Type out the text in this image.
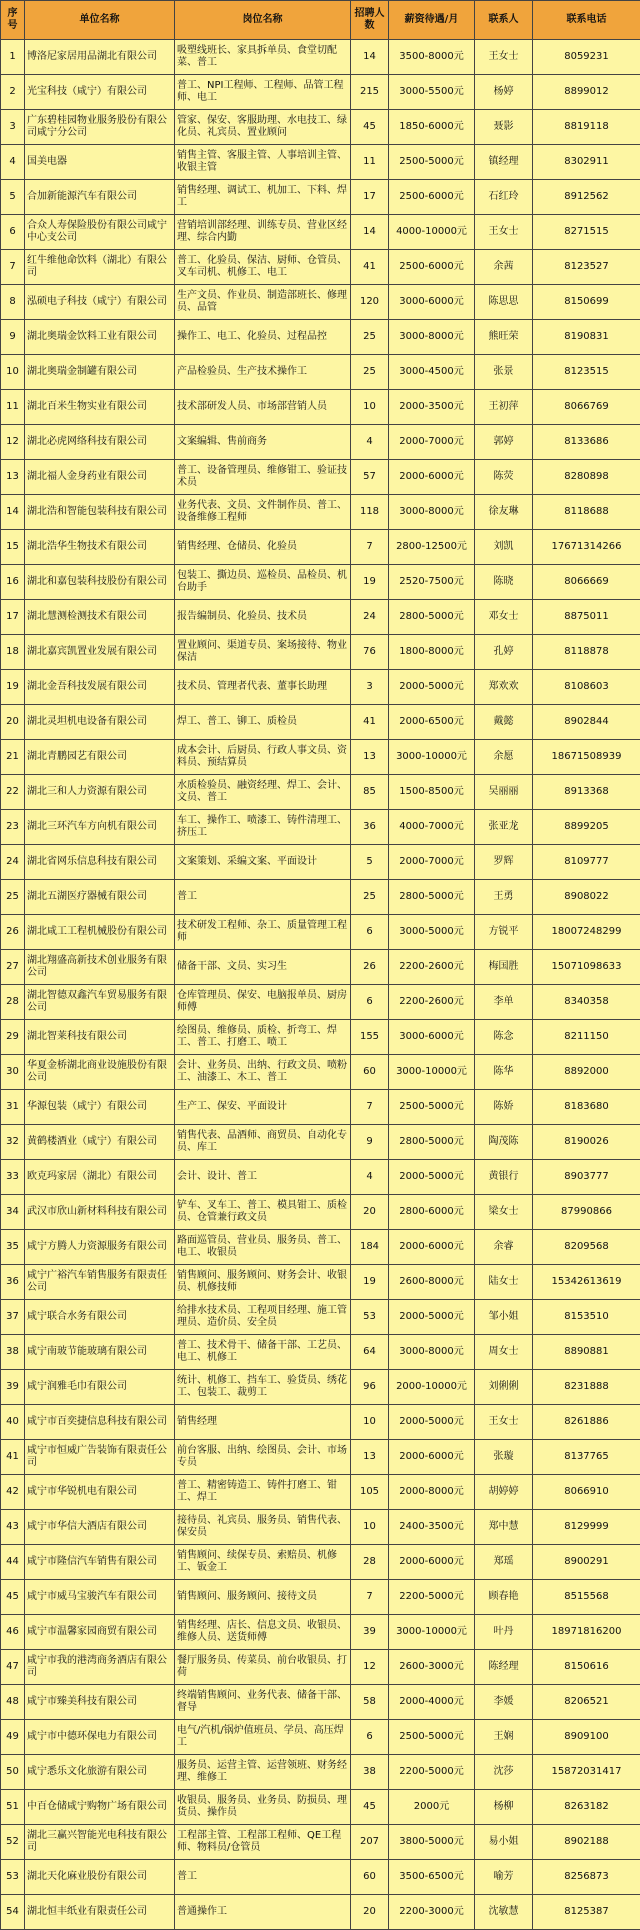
序号	单位名称	岗位名称	招聘人数	薪资待遇/月	联系人	联系电话
1	博洛尼家居用品湖北有限公司	吸塑线班长、家具拆单员、食堂切配菜、普工	14	3500-8000元	王女士	8059231
2	光宝科技（咸宁）有限公司	普工、NPI工程师、工程师、品管工程师、电工	215	3000-5500元	杨婷	8899012
3	广东碧桂园物业服务股份有限公司咸宁分公司	管家、保安、客服助理、水电技工、绿化员、礼宾员、置业顾问	45	1850-6000元	聂影	8819118
4	国美电器	销售主管、客服主管、人事培训主管、收银主管	11	2500-5000元	镇经理	8302911
5	合加新能源汽车有限公司	销售经理、调试工、机加工、下料、焊工	17	2500-6000元	石红玲	8912562
6	合众人寿保险股份有限公司咸宁中心支公司	营销培训部经理、训练专员、营业区经理、综合内勤	14	4000-10000元	王女士	8271515
7	红牛维他命饮料（湖北）有限公司	普工、化验员、保洁、厨师、仓管员、叉车司机、机修工、电工	41	2500-6000元	余茜	8123527
8	泓硕电子科技（咸宁）有限公司	生产文员、作业员、制造部班长、修理员、品管	120	3000-6000元	陈思思	8150699
9	湖北奥瑞金饮料工业有限公司	操作工、电工、化验员、过程品控	25	3000-8000元	熊旺荣	8190831
10	湖北奥瑞金制罐有限公司	产品检验员、生产技术操作工	25	3000-4500元	张景	8123515
11	湖北百米生物实业有限公司	技术部研发人员、市场部营销人员	10	2000-3500元	王初萍	8066769
12	湖北必虎网络科技有限公司	文案编辑、售前商务	4	2000-7000元	郭婷	8133686
13	湖北福人金身药业有限公司	普工、设备管理员、维修钳工、验证技术员	57	2000-6000元	陈荧	8280898
14	湖北浩和智能包装科技有限公司	业务代表、文员、文件制作员、普工、设备维修工程师	118	3000-8000元	徐友琳	8118688
15	湖北浩华生物技术有限公司	销售经理、仓储员、化验员	7	2800-12500元	刘凯	17671314266
16	湖北和嘉包装科技股份有限公司	包装工、撕边员、巡检员、品检员、机台助手	19	2520-7500元	陈晓	8066669
17	湖北慧测检测技术有限公司	报告编制员、化验员、技术员	24	2800-5000元	邓女士	8875011
18	湖北嘉宾凯置业发展有限公司	置业顾问、渠道专员、案场接待、物业保洁	76	1800-8000元	孔婷	8118878
19	湖北金吾科技发展有限公司	技术员、管理者代表、董事长助理	3	2000-5000元	郑欢欢	8108603
20	湖北灵坦机电设备有限公司	焊工、普工、铆工、质检员	41	2000-6500元	戴懿	8902844
21	湖北青鹏园艺有限公司	成本会计、后厨员、行政人事文员、资料员、预结算员	13	3000-10000元	余愿	18671508939
22	湖北三和人力资源有限公司	水质检验员、融资经理、焊工、会计、文员、普工	85	1500-8500元	吴丽丽	8913368
23	湖北三环汽车方向机有限公司	车工、操作工、喷漆工、铸件清理工、挤压工	36	4000-7000元	张亚龙	8899205
24	湖北省网乐信息科技有限公司	文案策划、采编文案、平面设计	5	2000-7000元	罗辉	8109777
25	湖北五湖医疗器械有限公司	普工	25	2800-5000元	王勇	8908022
26	湖北咸工工程机械股份有限公司	技术研发工程师、杂工、质量管理工程师	6	3000-5000元	方锐平	18007248299
27	湖北翔盛高新技术创业服务有限公司	储备干部、文员、实习生	26	2200-2600元	梅国胜	15071098633
28	湖北智德双鑫汽车贸易服务有限公司	仓库管理员、保安、电脑报单员、厨房师傅	6	2200-2600元	李单	8340358
29	湖北智莱科技有限公司	绘图员、维修员、质检、折弯工、焊工、普工、打磨工、喷工	155	3000-6000元	陈念	8211150
30	华夏金桥湖北商业设施股份有限公司	会计、业务员、出纳、行政文员、喷粉工、油漆工、木工、普工	60	3000-10000元	陈华	8892000
31	华源包装（咸宁）有限公司	生产工、保安、平面设计	7	2500-5000元	陈娇	8183680
32	黄鹤楼酒业（咸宁）有限公司	销售代表、品酒师、商贸员、自动化专员、库工	9	2800-5000元	陶茂陈	8190026
33	欧克玛家居（湖北）有限公司	会计、设计、普工	4	2000-5000元	黄银行	8903777
34	武汉市欣山新材料科技有限公司	铲车、叉车工、普工、模具钳工、质检员、仓管兼行政文员	20	2800-6000元	梁女士	87990866
35	咸宁方腾人力资源服务有限公司	路面巡管员、营业员、服务员、普工、电工、收银员	184	2000-6000元	余睿	8209568
36	咸宁广裕汽车销售服务有限责任公司	销售顾问、服务顾问、财务会计、收银员、机修技师	19	2600-8000元	陆女士	15342613619
37	咸宁联合水务有限公司	给排水技术员、工程项目经理、施工管理员、造价员、安全员	53	2000-5000元	邹小姐	8153510
38	咸宁南玻节能玻璃有限公司	普工、技术骨干、储备干部、工艺员、电工、机修工	64	3000-8000元	周女士	8890881
39	咸宁润雅毛巾有限公司	统计、机修工、挡车工、验货员、绣花工、包装工、裁剪工	96	2000-10000元	刘俐俐	8231888
40	咸宁市百奕捷信息科技有限公司	销售经理	10	2000-5000元	王女士	8261886
41	咸宁市恒威广告装饰有限责任公司	前台客服、出纳、绘图员、会计、市场专员	13	2000-6000元	张璇	8137765
42	咸宁市华锐机电有限公司	普工、精密铸造工、铸件打磨工、钳工、焊工	105	2000-8000元	胡婷婷	8066910
43	咸宁市华信大酒店有限公司	接待员、礼宾员、服务员、销售代表、保安员	10	2400-3500元	郑中慧	8129999
44	咸宁市隆信汽车销售有限公司	销售顾问、续保专员、索赔员、机修工、钣金工	28	2000-6000元	郑瑶	8900291
45	咸宁市威马宝骏汽车有限公司	销售顾问、服务顾问、接待文员	7	2200-5000元	顾春艳	8515568
46	咸宁市温馨家园商贸有限公司	销售经理、店长、信息文员、收银员、维修人员、送货师傅	39	3000-10000元	叶丹	18971816200
47	咸宁市我的港湾商务酒店有限公司	餐厅服务员、传菜员、前台收银员、打荷	12	2600-3000元	陈经理	8150616
48	咸宁市臻美科技有限公司	终端销售顾问、业务代表、储备干部、督导	58	2000-4000元	李媛	8206521
49	咸宁市中德环保电力有限公司	电气/汽机/锅炉值班员、学员、高压焊工	6	2500-5000元	王娴	8909100
50	咸宁悉乐文化旅游有限公司	服务员、运营主管、运营领班、财务经理、维修工	38	2200-5000元	沈莎	15872031417
51	中百仓储咸宁购物广场有限公司	收银员、服务员、业务员、防损员、理货员、操作员	45	2000元	杨柳	8263182
52	湖北三赢兴智能光电科技有限公司	工程部主管、工程部工程师、QE工程师、物料员/仓管员	207	3800-5000元	易小姐	8902188
53	湖北天化麻业股份有限公司	普工	60	3500-6500元	喻芳	8256873
54	湖北恒丰纸业有限责任公司	普通操作工	20	2200-3000元	沈敏慧	8125387
